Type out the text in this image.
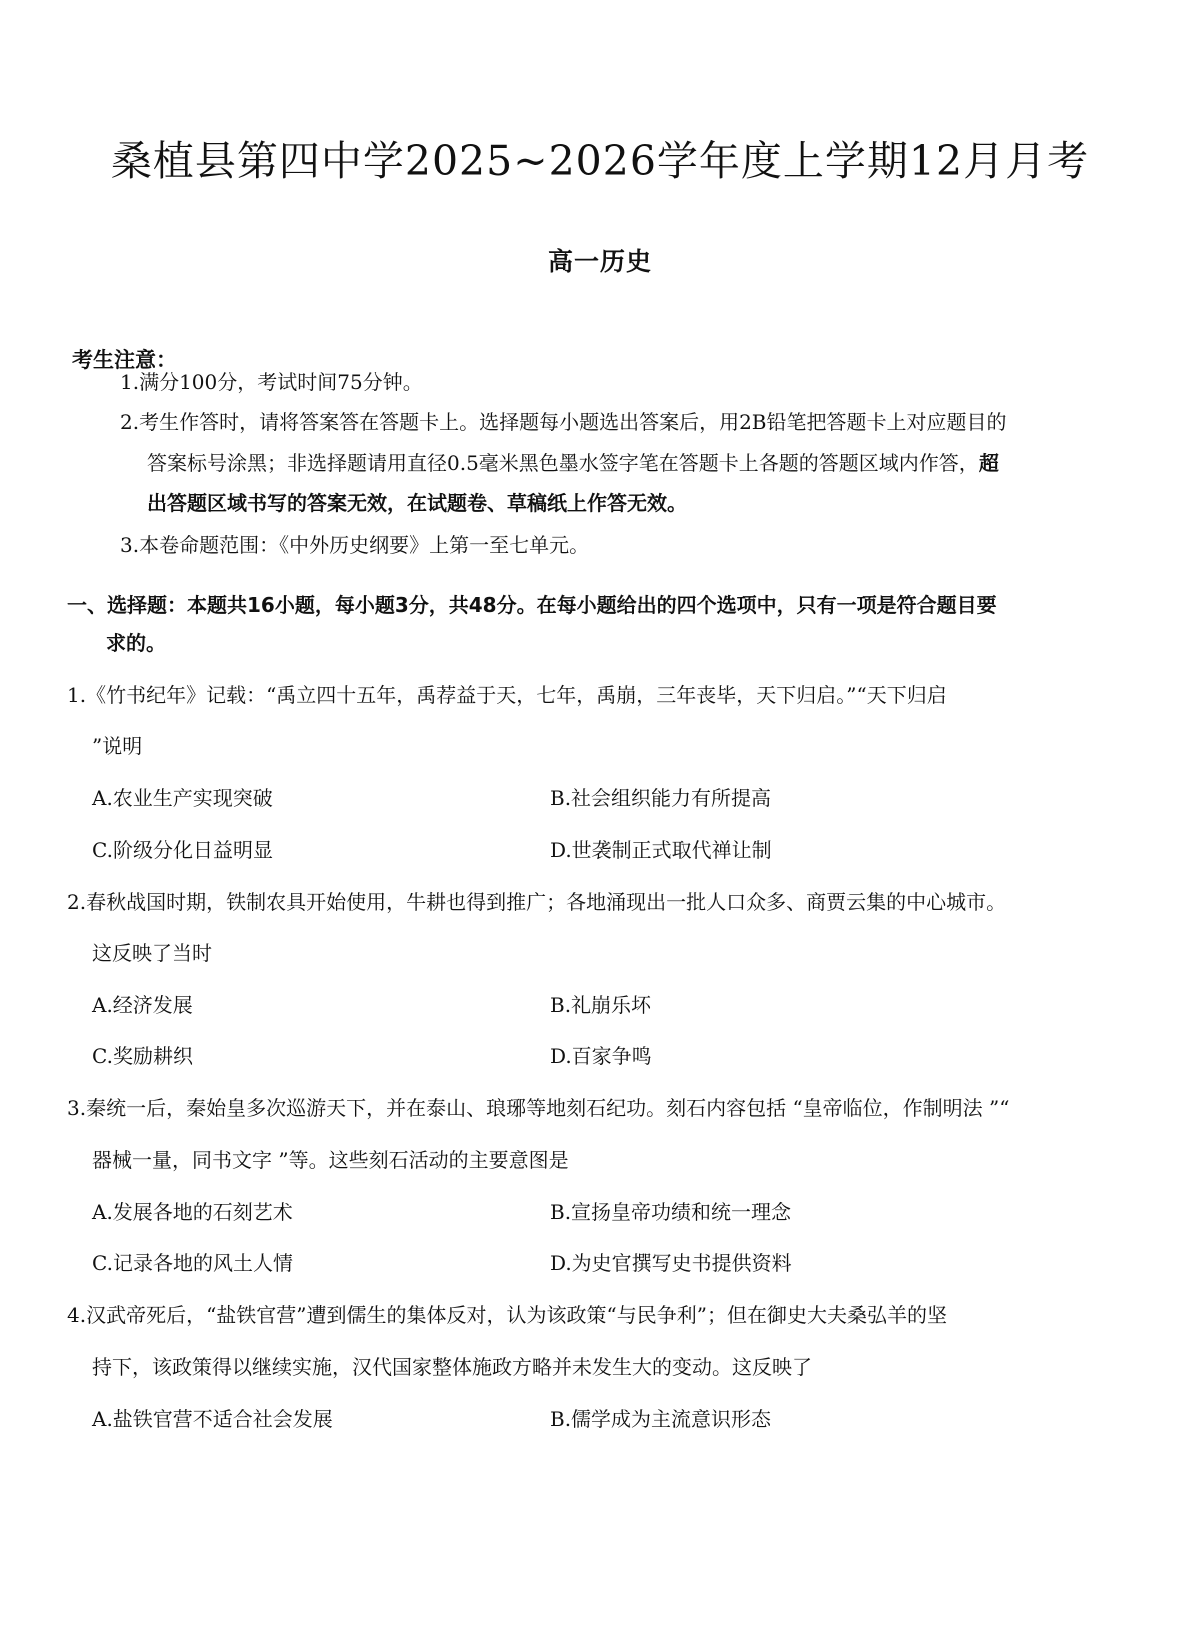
桑植县第四中学2025~2026学年度上学期12月月考
高一历史
考生注意：
1.满分100分，考试时间75分钟。
2.考生作答时，请将答案答在答题卡上。选择题每小题选出答案后，用2B铅笔把答题卡上对应题目的
答案标号涂黑；非选择题请用直径0.5毫米黑色墨水签字笔在答题卡上各题的答题区域内作答，超
出答题区域书写的答案无效，在试题卷、草稿纸上作答无效。
3.本卷命题范围：《中外历史纲要》上第一至七单元。
一、选择题：本题共16小题，每小题3分，共48分。在每小题给出的四个选项中，只有一项是符合题目要
求的。
1.《竹书纪年》记载：“禹立四十五年，禹荐益于天，七年，禹崩，三年丧毕，天下归启。”“天下归启
”说明
A.农业生产实现突破	B.社会组织能力有所提高
C.阶级分化日益明显	D.世袭制正式取代禅让制
2.春秋战国时期，铁制农具开始使用，牛耕也得到推广；各地涌现出一批人口众多、商贾云集的中心城市。
这反映了当时
A.经济发展	B.礼崩乐坏
C.奖励耕织	D.百家争鸣
3.秦统一后，秦始皇多次巡游天下，并在泰山、琅琊等地刻石纪功。刻石内容包括 “皇帝临位，作制明法 ”“
器械一量，同书文字 ”等。这些刻石活动的主要意图是
A.发展各地的石刻艺术	B.宣扬皇帝功绩和统一理念
C.记录各地的风土人情	D.为史官撰写史书提供资料
4.汉武帝死后，“盐铁官营”遭到儒生的集体反对，认为该政策“与民争利”；但在御史大夫桑弘羊的坚
持下，该政策得以继续实施，汉代国家整体施政方略并未发生大的变动。这反映了
A.盐铁官营不适合社会发展	B.儒学成为主流意识形态
